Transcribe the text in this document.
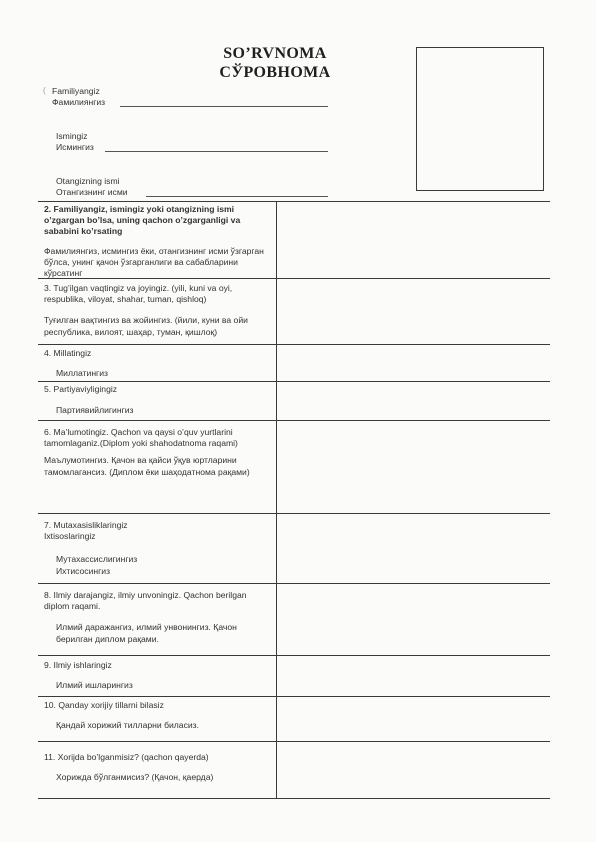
SO’RVNOMA
СЎРОВНОМА
( Familiyangiz
Фамилиянгиз
Ismingiz
Исмингиз
Otangizning ismi
Отангизнинг исми
2. Familiyangiz, ismingiz yoki otangizning ismi o’zgargan bo’lsa, uning qachon o’zgarganligi va sababini ko’rsating
Фамилиянгиз, исмингиз ёки, отангизнинг исми ўзгарган бўлса, унинг қачон ўзгарганлиги ва сабабларини кўрсатинг
3. Tug’ilgan vaqtingiz va joyingiz. (yili, kuni va oyi, respublika, viloyat, shahar, tuman, qishloq)
Туғилган вақтингиз ва жойингиз. (йили, куни ва ойи республика, вилоят, шаҳар, туман, қишлоқ)
4. Millatingiz
Миллатингиз
5. Partiyaviyligingiz
Партиявийлигингиз
6. Ma’lumotingiz. Qachon va qaysi o’quv yurtlarini tamomlaganiz.(Diplom yoki shahodatnoma raqami)
Маълумотингиз. Қачон ва қайси ўқув юртларини тамомлагансиз. (Диплом ёки шаҳодатнома рақами)
7. Mutaxasisliklaringiz Ixtisoslaringiz
Мутахассислигингиз Ихтисосингиз
8. Ilmiy darajangiz, ilmiy unvoningiz. Qachon berilgan diplom raqami.
Илмий даражангиз, илмий унвонингиз. Қачон берилган диплом рақами.
9. Ilmiy ishlaringiz
Илмий ишларингиз
10. Qanday xorijiy tillarni bilasiz
Қандай хорижий тилларни биласиз.
11. Xorijda bo’lganmisiz? (qachon qayerda)
Хорижда бўлганмисиз? (Қачон, қаерда)
